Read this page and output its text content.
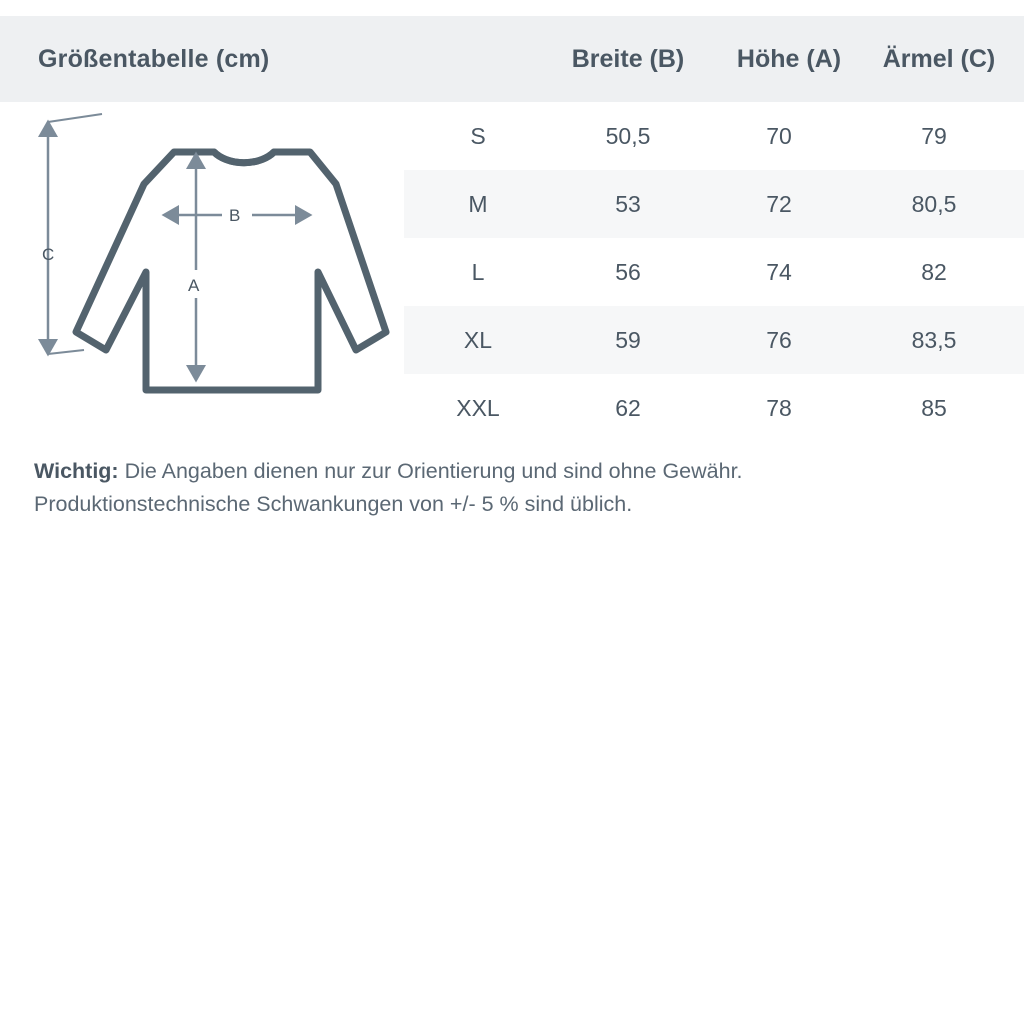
Größentabelle (cm)	Breite (B)	Höhe (A)	Ärmel (C)
S	50,5	70	79
M	53	72	80,5
L	56	74	82
XL	59	76	83,5
XXL	62	78	85
C
B
A
Wichtig: Die Angaben dienen nur zur Orientierung und sind ohne Gewähr.
Produktionstechnische Schwankungen von +/- 5 % sind üblich.
